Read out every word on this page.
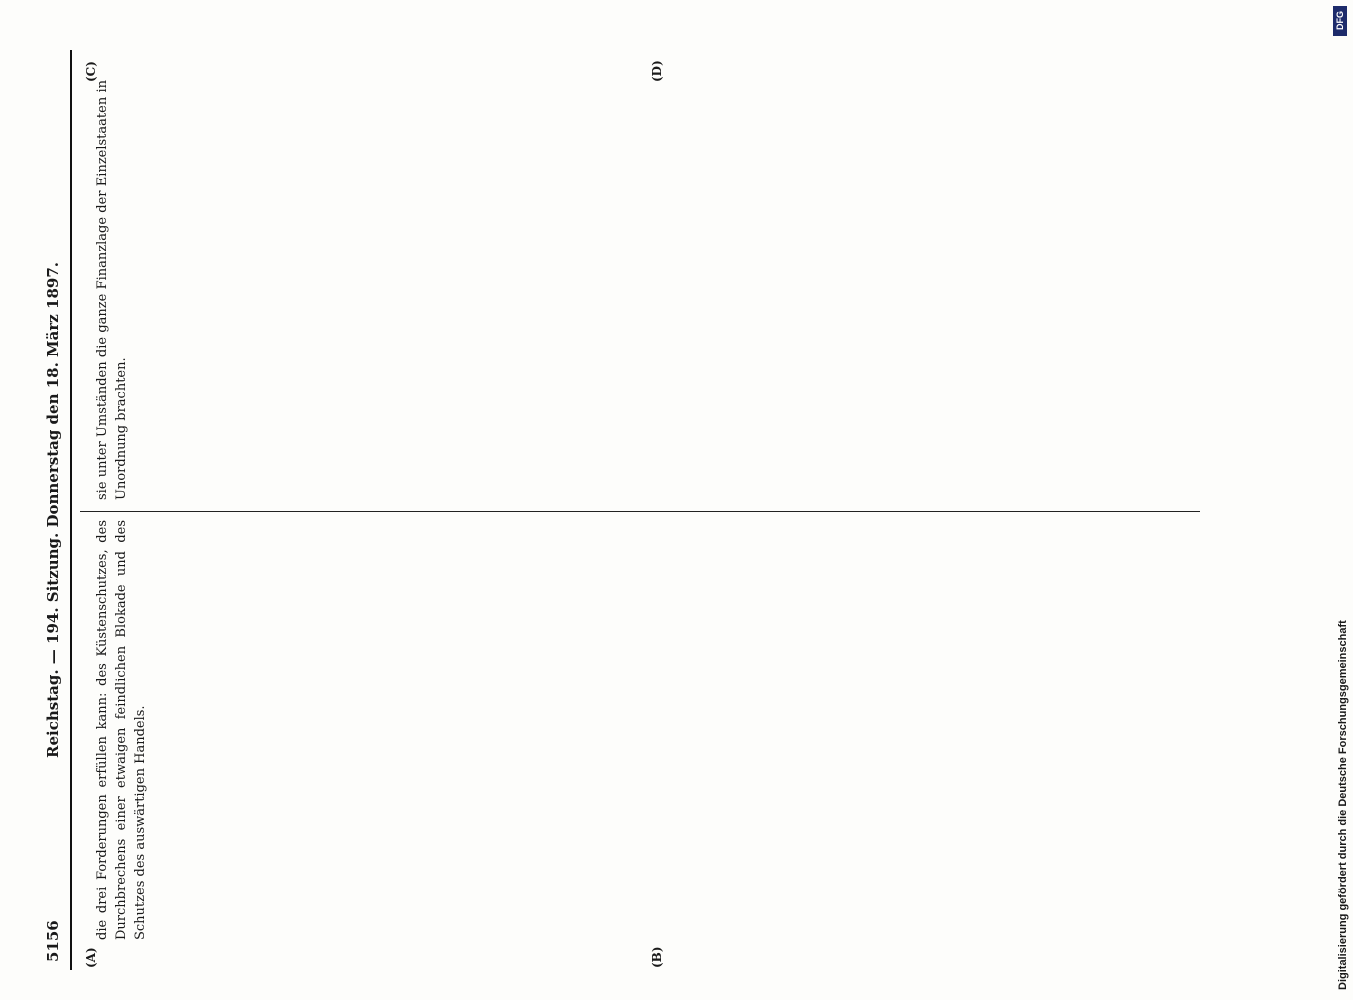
5156
Reichstag. — 194. Sitzung. Donnerstag den 18. März 1897.
(A)	(B)
(C)	(D)

die drei Forderungen erfüllen kann: des Küstenschutzes, des Durchbrechens einer etwaigen feindlichen Blokade und des Schutzes des auswärtigen Handels.

sie unter Umständen die ganze Finanzlage der Einzelstaaten in Unordnung brachten.

DFG
Digitalisierung gefördert durch die Deutsche Forschungsgemeinschaft
